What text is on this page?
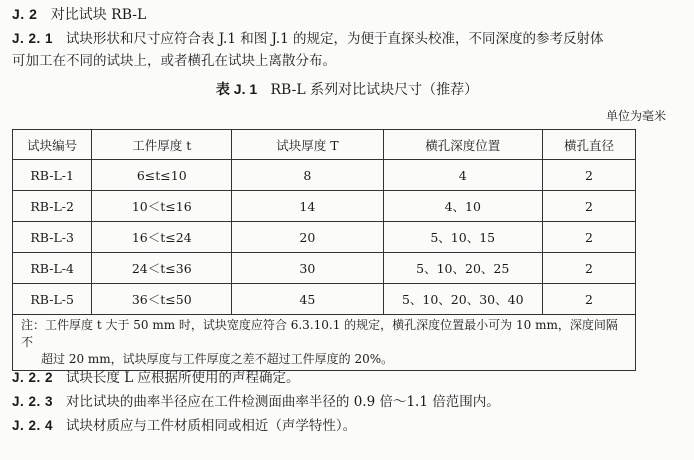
J. 2 对比试块 RB-L
J. 2. 1 试块形状和尺寸应符合表 J.1 和图 J.1 的规定，为便于直探头校准，不同深度的参考反射体
可加工在不同的试块上，或者横孔在试块上离散分布。
表 J. 1 RB-L 系列对比试块尺寸（推荐）
单位为毫米
试块编号	工件厚度 t	试块厚度 T	横孔深度位置	横孔直径
RB-L-1	6≤t≤10	8	4	2
RB-L-2	10＜t≤16	14	4、10	2
RB-L-3	16＜t≤24	20	5、10、15	2
RB-L-4	24＜t≤36	30	5、10、20、25	2
RB-L-5	36＜t≤50	45	5、10、20、30、40	2

注：工件厚度 t 大于 50 mm 时，试块宽度应符合 6.3.10.1 的规定，横孔深度位置最小可为 10 mm，深度间隔不
超过 20 mm，试块厚度与工件厚度之差不超过工件厚度的 20%。				
J. 2. 2 试块长度 L 应根据所使用的声程确定。
J. 2. 3 对比试块的曲率半径应在工件检测面曲率半径的 0.9 倍～1.1 倍范围内。
J. 2. 4 试块材质应与工件材质相同或相近（声学特性）。
